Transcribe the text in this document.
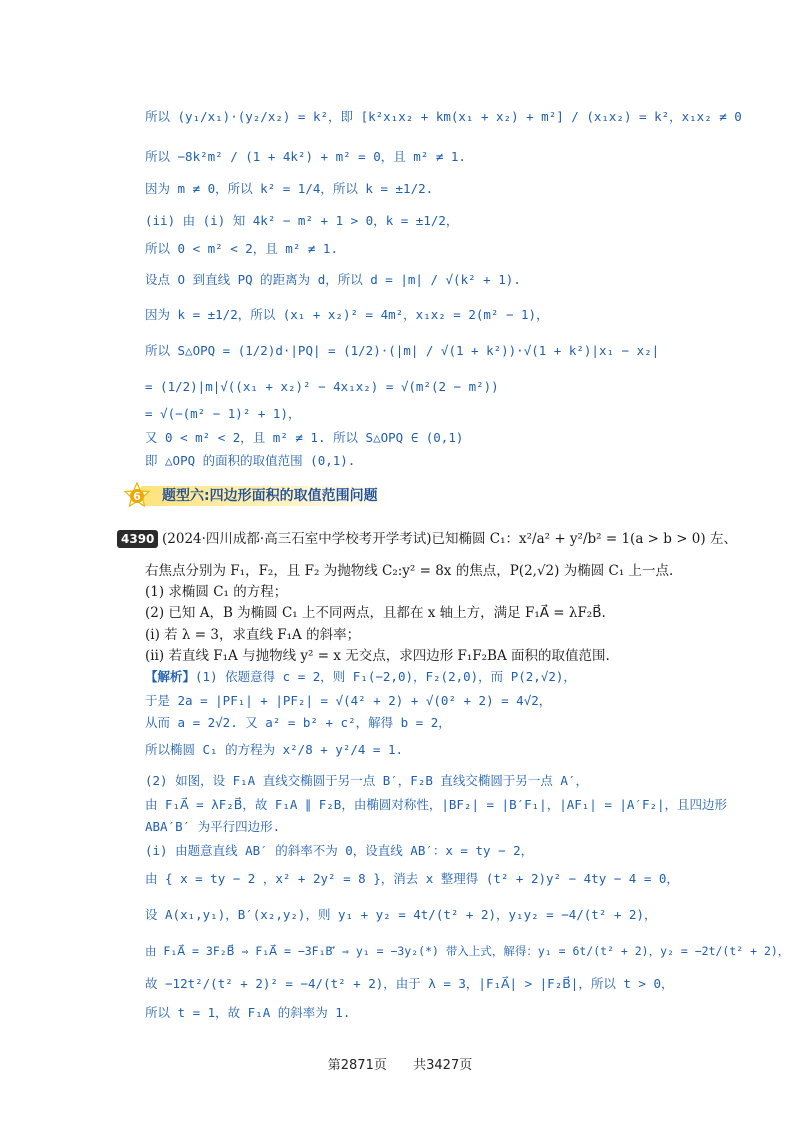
所以 (y₁/x₁)·(y₂/x₂) = k²，即 [k²x₁x₂ + km(x₁ + x₂) + m²] / (x₁x₂) = k²，x₁x₂ ≠ 0
所以 −8k²m² / (1 + 4k²) + m² = 0，且 m² ≠ 1.
因为 m ≠ 0，所以 k² = 1/4，所以 k = ±1/2.
(ii) 由 (i) 知 4k² − m² + 1 > 0，k = ±1/2，
所以 0 < m² < 2，且 m² ≠ 1.
设点 O 到直线 PQ 的距离为 d，所以 d = |m| / √(k² + 1).
因为 k = ±1/2，所以 (x₁ + x₂)² = 4m²，x₁x₂ = 2(m² − 1)，
所以 S△OPQ = (1/2)d·|PQ| = (1/2)·(|m| / √(1 + k²))·√(1 + k²)|x₁ − x₂|
= (1/2)|m|√((x₁ + x₂)² − 4x₁x₂) = √(m²(2 − m²))
= √(−(m² − 1)² + 1)，
又 0 < m² < 2，且 m² ≠ 1. 所以 S△OPQ ∈ (0,1)
即 △OPQ 的面积的取值范围 (0,1).
6 题型六:四边形面积的取值范围问题
4390 (2024·四川成都·高三石室中学校考开学考试)已知椭圆 C₁：x²/a² + y²/b² = 1(a > b > 0) 左、
右焦点分别为 F₁，F₂，且 F₂ 为抛物线 C₂:y² = 8x 的焦点，P(2,√2) 为椭圆 C₁ 上一点.
(1) 求椭圆 C₁ 的方程；
(2) 已知 A，B 为椭圆 C₁ 上不同两点，且都在 x 轴上方，满足 F₁A⃗ = λF₂B⃗.
(ⅰ) 若 λ = 3，求直线 F₁A 的斜率；
(ⅱ) 若直线 F₁A 与抛物线 y² = x 无交点，求四边形 F₁F₂BA 面积的取值范围.
【解析】(1) 依题意得 c = 2，则 F₁(−2,0)，F₂(2,0)，而 P(2,√2)，
于是 2a = |PF₁| + |PF₂| = √(4² + 2) + √(0² + 2) = 4√2，
从而 a = 2√2. 又 a² = b² + c²，解得 b = 2，
所以椭圆 C₁ 的方程为 x²/8 + y²/4 = 1.
(2) 如图，设 F₁A 直线交椭圆于另一点 B′，F₂B 直线交椭圆于另一点 A′，
由 F₁A⃗ = λF₂B⃗，故 F₁A ∥ F₂B，由椭圆对称性，|BF₂| = |B′F₁|，|AF₁| = |A′F₂|，且四边形
ABA′B′ 为平行四边形.
(i) 由题意直线 AB′ 的斜率不为 0，设直线 AB′：x = ty − 2，
由 { x = ty − 2 ，x² + 2y² = 8 }，消去 x 整理得 (t² + 2)y² − 4ty − 4 = 0，
设 A(x₁,y₁)，B′(x₂,y₂)，则 y₁ + y₂ = 4t/(t² + 2)，y₁y₂ = −4/(t² + 2)，
由 F₁A⃗ = 3F₂B⃗ ⇒ F₁A⃗ = −3F₁B′⃗ ⇒ y₁ = −3y₂(*) 带入上式，解得：y₁ = 6t/(t² + 2)，y₂ = −2t/(t² + 2)，
故 −12t²/(t² + 2)² = −4/(t² + 2)，由于 λ = 3，|F₁A⃗| > |F₂B⃗|，所以 t > 0，
所以 t = 1，故 F₁A 的斜率为 1.
第2871页 共3427页
